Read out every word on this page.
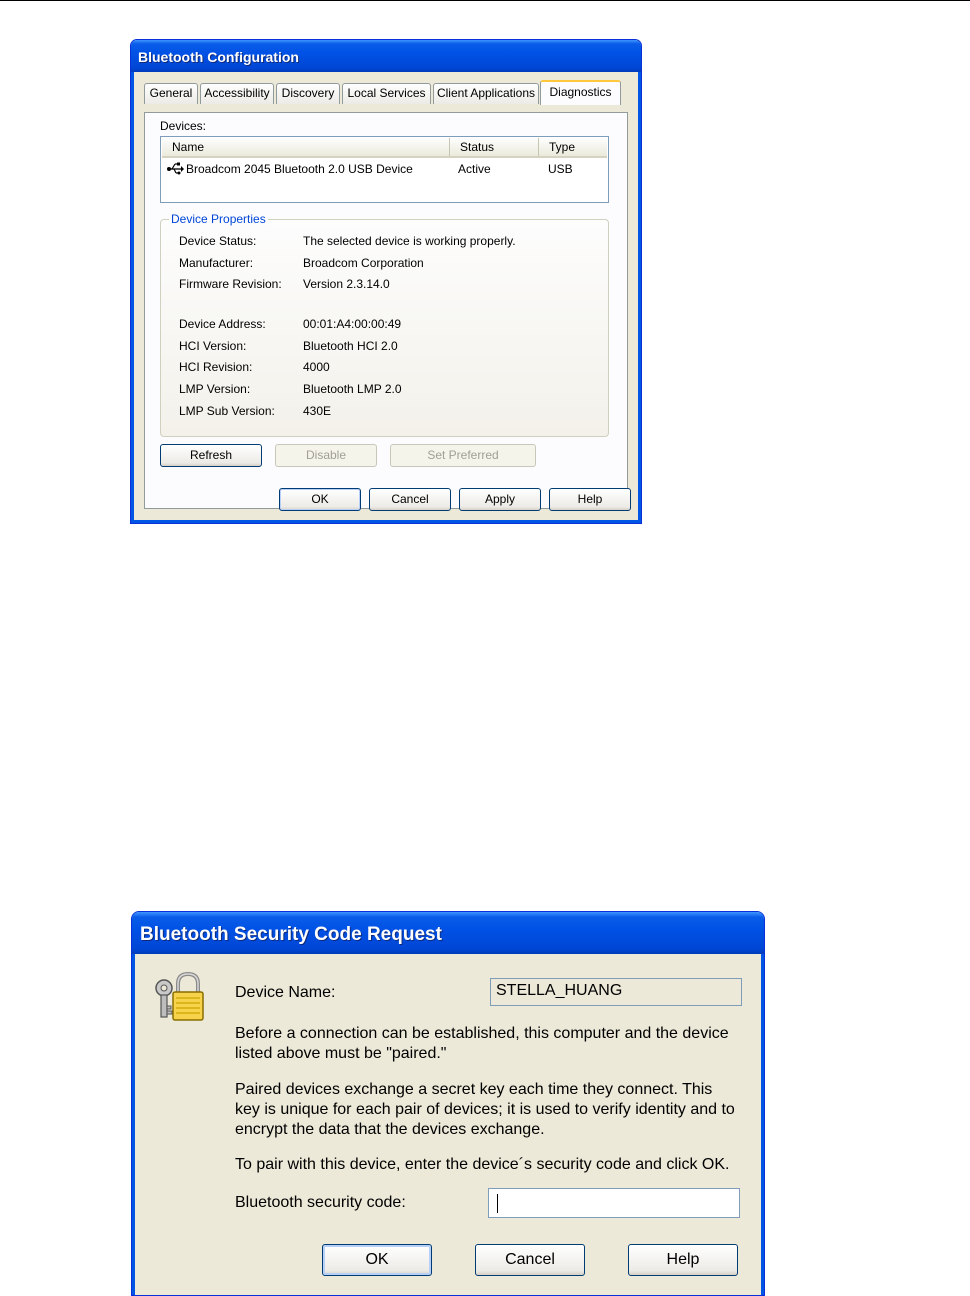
Bluetooth Configuration
General Accessibility Discovery	Local Services Client Applications	Diagnostics
Devices:
Name	Status	Type
Broadcom 2045 Bluetooth 2.0 USB Device	Active	USB
Device Properties
Device Status:	The selected device is working properly.
Manufacturer:	Broadcom Corporation
Firmware Revision: Version 2.3.14.0
Device Address:	00:01:A4:00:00:49
HCI Version:	Bluetooth HCI 2.0
HCI Revision:	4000
LMP Version:	Bluetooth LMP 2.0
LMP Sub Version: 430E
Refresh	Disable	Set Preferred
OK	Cancel	Apply	Help
Bluetooth Security Code Request
Device Name:	STELLA_HUANG
Before a connection can be established, this computer and the device
listed above must be "paired."
Paired devices exchange a secret key each time they connect. This
key is unique for each pair of devices; it is used to verify identity and to
encrypt the data that the devices exchange.
To pair with this device, enter the device´s security code and click OK.
Bluetooth security code:
OK	Cancel	Help
